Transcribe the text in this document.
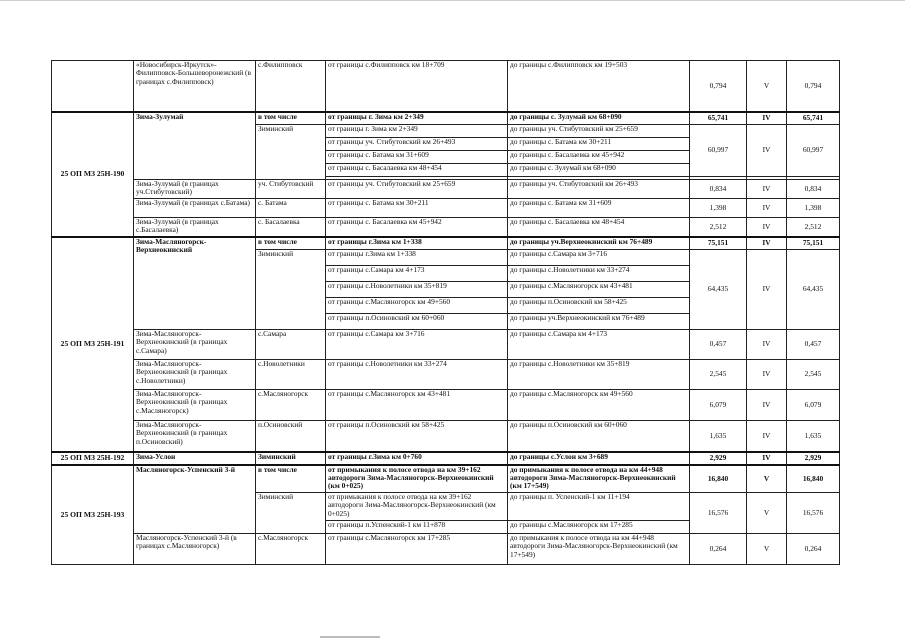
	«Новосибирск-Иркутск»-Филипповск-Большеворонежский (в границах с.Филипповск)	с.Филипповск	от границы с.Филипповск км 18+709	до границы с.Филипповск км 19+503	0,794	V	0,794
25 ОП МЗ 25Н-190	Зима-Зулумай	в том числе	от границы г. Зима км 2+349	до границы с. Зулумай км 68+090	65,741	IV	65,741
		Зиминский	от границы г. Зима км 2+349	до границы уч. Стибутовский км 25+659	60,997	IV	60,997
			от границы уч. Стибутовский км 26+493	до границы с. Батама км 30+211			
			от границы с. Батама км 31+609	до границы с. Басалаевка км 45+942			
			от границы с. Басалаевка км 48+454	до границы с. Зулумай км 68+090			

	Зима-Зулумай (в границах уч.Стибутовский)	уч. Стибутовский	от границы уч. Стибутовский км 25+659	до границы уч. Стибутовский км 26+493	0,834	IV	0,834
	Зима-Зулумай (в границах с.Батама)	с. Батама	от границы с. Батама км 30+211	до границы с. Батама км 31+609	1,398	IV	1,398
	Зима-Зулумай (в границах с.Басалаевка)	с. Басалаевка	от границы с. Басалаевка км 45+942	до границы с. Басалаевка км 48+454	2,512	IV	2,512
25 ОП МЗ 25Н-191	Зима-Масляногорск-Верхнеокинский	в том числе	от границы г.Зима км 1+338	до границы уч.Верхнеокинский км 76+489	75,151	IV	75,151
		Зиминский	от границы г.Зима км 1+338	до границы с.Самара км 3+716	64,435	IV	64,435
			от границы с.Самара км 4+173	до границы с.Новолетники км 33+274			
			от границы с.Новолетники км 35+819	до границы с.Масляногорск км 43+481			
			от границы с.Масляногорск км 49+560	до границы п.Осиновский км 58+425			
			от границы п.Осиновский км 60+060	до границы уч.Верхнеокинский км 76+489			
	Зима-Масляногорск-Верхнеокинский (в границах с.Самара)	с.Самара	от границы с.Самара км 3+716	до границы с.Самара км 4+173	0,457	IV	0,457
	Зима-Масляногорск-Верхнеокинский (в границах с.Новолетники)	с.Новолетники	от границы с.Новолетники км 33+274	до границы с.Новолетники км 35+819	2,545	IV	2,545
	Зима-Масляногорск-Верхнеокинский (в границах с.Масляногорск)	с.Масляногорск	от границы с.Масляногорск км 43+481	до границы с.Масляногорск км 49+560	6,079	IV	6,079
	Зима-Масляногорск-Верхнеокинский (в границах п.Осиновский)	п.Осиновский	от границы п.Осиновский км 58+425	до границы п.Осиновский км 60+060	1,635	IV	1,635
25 ОП МЗ 25Н-192	Зима-Услон	Зиминский	от границы г.Зима км 0+760	до границы с.Услон км 3+689	2,929	IV	2,929
25 ОП МЗ 25Н-193	Масляногорск-Успенский 3-й	в том числе	от примыкания к полосе отвода на км 39+162 автодороги Зима-Масляногорск-Верхнеокинский (км 0+025)	до примыкания к полосе отвода на км 44+948 автодороги Зима-Масляногорск-Верхнеокинский (км 17+549)	16,840	V	16,840
		Зиминский	от примыкания к полосе отвода на км 39+162 автодороги Зима-Масляногорск-Верхнеокинский (км 0+025)	до границы п. Успенский-1 км 11+194	16,576	V	16,576
			от границы п.Успенский-1 км 11+878	до границы с.Масляногорск км 17+285			
	Масляногорск-Успенский 3-й (в границах с.Масляногорск)	с.Масляногорск	от границы с.Масляногорск км 17+285	до примыкания к полосе отвода на км 44+948 автодороги Зима-Масляногорск-Верхнеокинский (км 17+549)	0,264	V	0,264
